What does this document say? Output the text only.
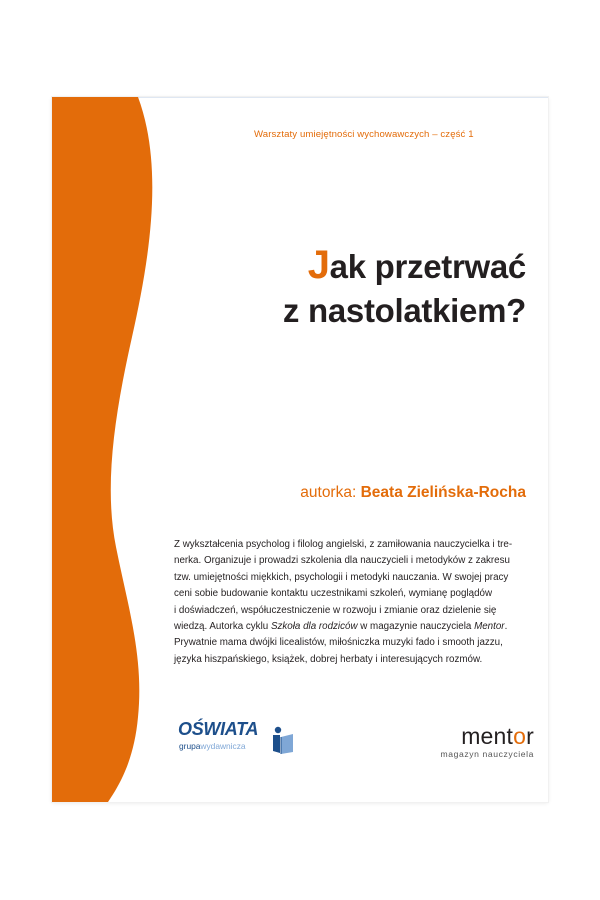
Warsztaty umiejętności wychowawczych – część 1
Jak przetrwać
z nastolatkiem?
autorka: Beata Zielińska-Rocha

Z wykształcenia psycholog i filolog angielski, z zamiłowania nauczycielka i tre-

nerka. Organizuje i prowadzi szkolenia dla nauczycieli i metodyków z zakresu

tzw. umiejętności miękkich, psychologii i metodyki nauczania. W swojej pracy

ceni sobie budowanie kontaktu uczestnikami szkoleń, wymianę poglądów

i doświadczeń, współuczestniczenie w rozwoju i zmianie oraz dzielenie się

wiedzą. Autorka cyklu Szkoła dla rodziców w magazynie nauczyciela Mentor.

Prywatnie mama dwójki licealistów, miłośniczka muzyki fado i smooth jazzu,

języka hiszpańskiego, książek, dobrej herbaty i interesujących rozmów.

OŚWIATA
grupawydawnicza	mentor
magazyn nauczyciela
